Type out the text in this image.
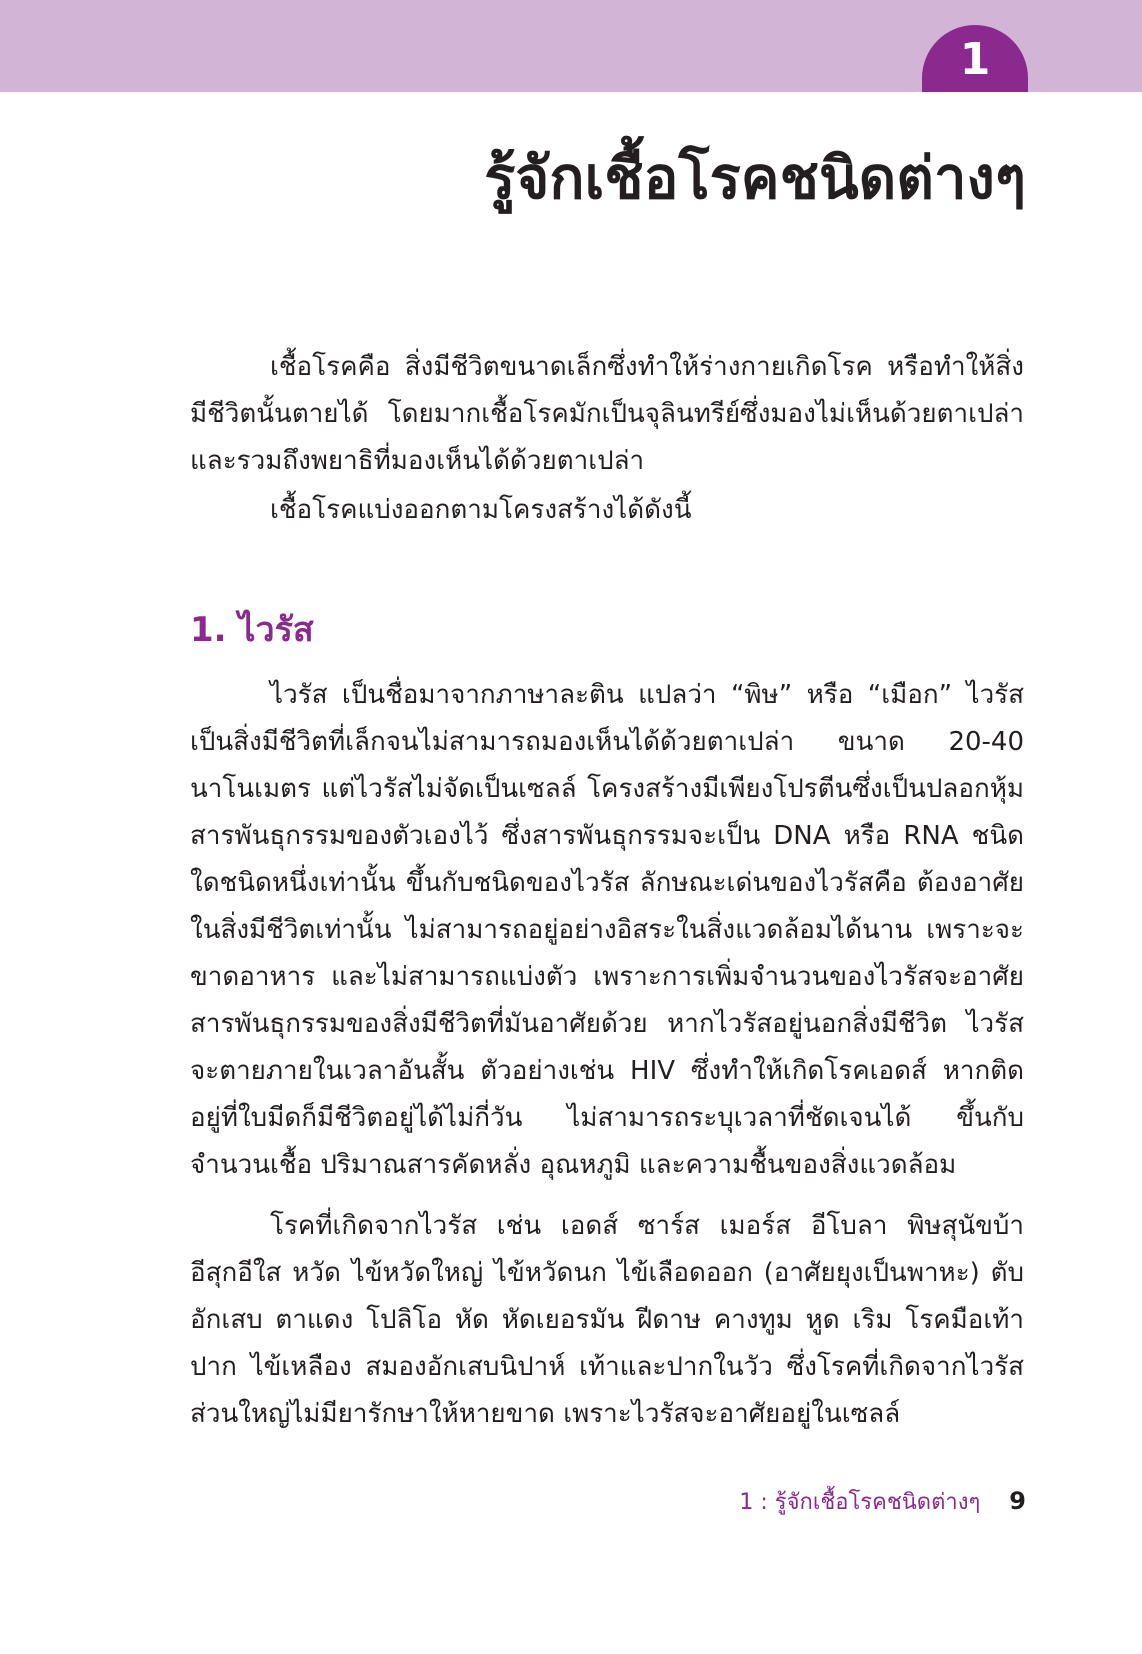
1
รู้จักเชื้อโรคชนิดต่างๆ

เชื้อโรคคือ สิ่งมีชีวิตขนาดเล็กซึ่งทำให้ร่างกายเกิดโรค หรือทำให้สิ่งมีชีวิตนั้นตายได้ โดยมากเชื้อโรคมักเป็นจุลินทรีย์ซึ่งมองไม่เห็นด้วยตาเปล่า และรวมถึงพยาธิที่มองเห็นได้ด้วยตาเปล่า

เชื้อโรคแบ่งออกตามโครงสร้างได้ดังนี้

1. ไวรัส

ไวรัส เป็นชื่อมาจากภาษาละติน แปลว่า “พิษ” หรือ “เมือก” ไวรัสเป็นสิ่งมีชีวิตที่เล็กจนไม่สามารถมองเห็นได้ด้วยตาเปล่า ขนาด 20-40 นาโนเมตร แต่ไวรัสไม่จัดเป็นเซลล์ โครงสร้างมีเพียงโปรตีนซึ่งเป็นปลอกหุ้มสารพันธุกรรมของตัวเองไว้ ซึ่งสารพันธุกรรมจะเป็น DNA หรือ RNA ชนิดใดชนิดหนึ่งเท่านั้น ขึ้นกับชนิดของไวรัส ลักษณะเด่นของไวรัสคือ ต้องอาศัยในสิ่งมีชีวิตเท่านั้น ไม่สามารถอยู่อย่างอิสระในสิ่งแวดล้อมได้นาน เพราะจะขาดอาหาร และไม่สามารถแบ่งตัว เพราะการเพิ่มจำนวนของไวรัสจะอาศัยสารพันธุกรรมของสิ่งมีชีวิตที่มันอาศัยด้วย หากไวรัสอยู่นอกสิ่งมีชีวิต ไวรัสจะตายภายในเวลาอันสั้น ตัวอย่างเช่น HIV ซึ่งทำให้เกิดโรคเอดส์ หากติดอยู่ที่ใบมีดก็มีชีวิตอยู่ได้ไม่กี่วัน ไม่สามารถระบุเวลาที่ชัดเจนได้ ขึ้นกับจำนวนเชื้อ ปริมาณสารคัดหลั่ง อุณหภูมิ และความชื้นของสิ่งแวดล้อม

โรคที่เกิดจากไวรัส เช่น เอดส์ ซาร์ส เมอร์ส อีโบลา พิษสุนัขบ้า อีสุกอีใส หวัด ไข้หวัดใหญ่ ไข้หวัดนก ไข้เลือดออก (อาศัยยุงเป็นพาหะ) ตับอักเสบ ตาแดง โปลิโอ หัด หัดเยอรมัน ฝีดาษ คางทูม หูด เริม โรคมือเท้าปาก ไข้เหลือง สมองอักเสบนิปาห์ เท้าและปากในวัว ซึ่งโรคที่เกิดจากไวรัสส่วนใหญ่ไม่มียารักษาให้หายขาด เพราะไวรัสจะอาศัยอยู่ในเซลล์

1 : รู้จักเชื้อโรคชนิดต่างๆ 9
